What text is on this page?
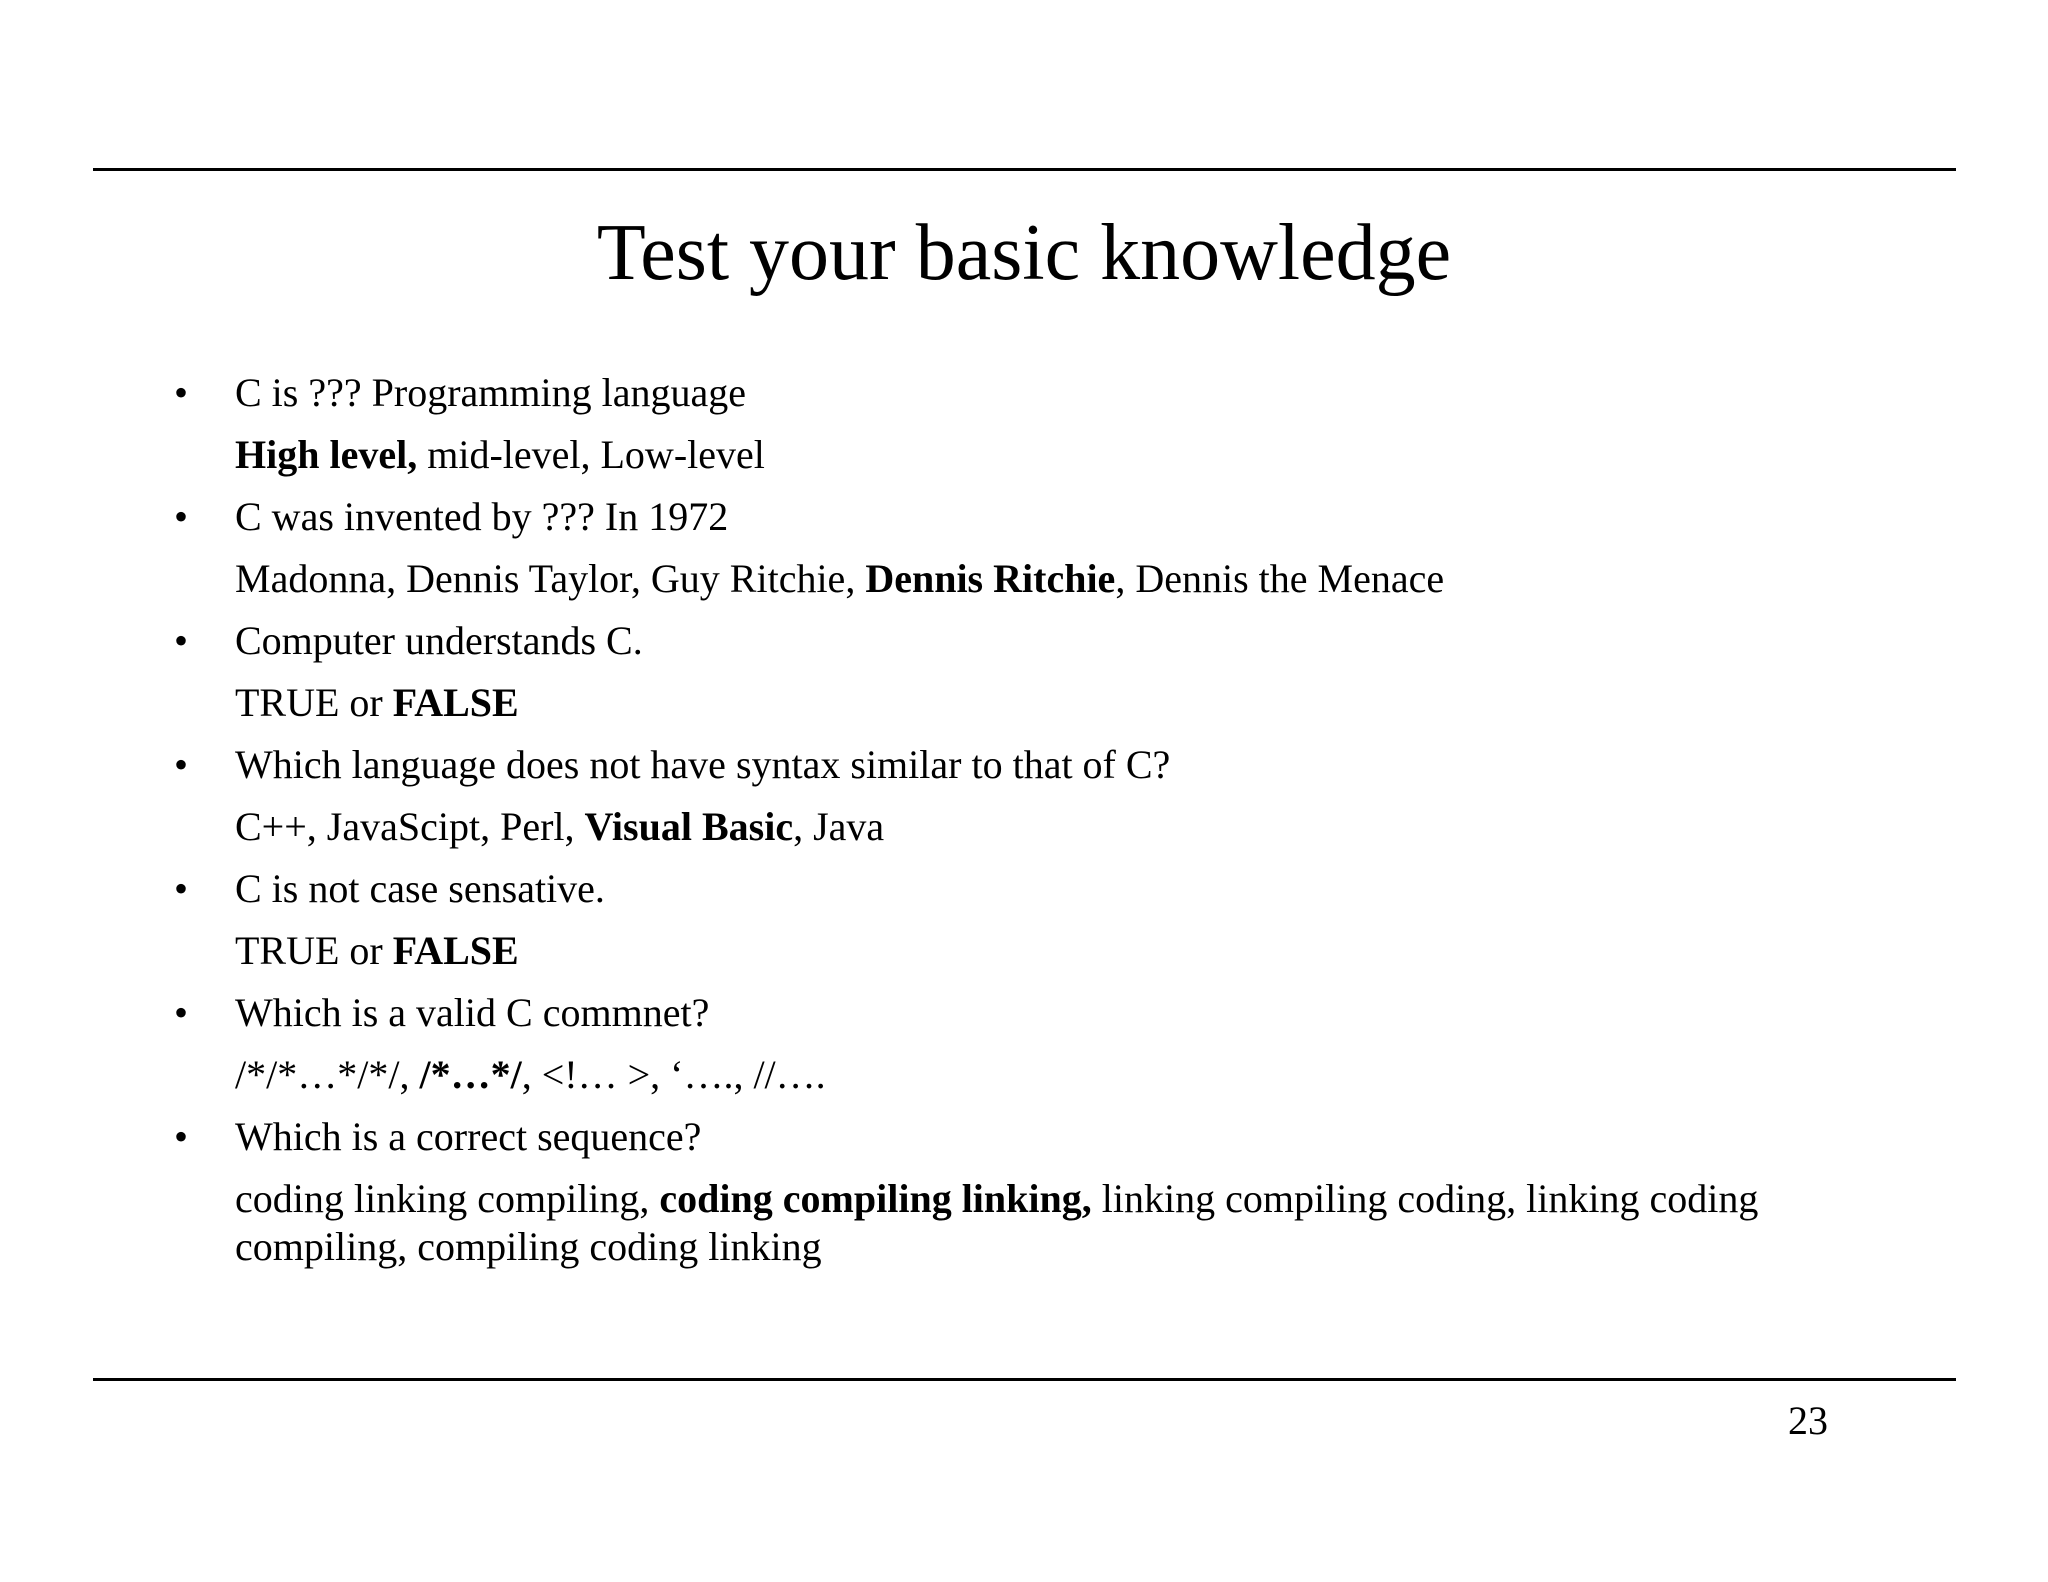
Test your basic knowledge
• C is ??? Programming language
High level, mid-level, Low-level
• C was invented by ??? In 1972
Madonna, Dennis Taylor, Guy Ritchie, Dennis Ritchie, Dennis the Menace
• Computer understands C.
TRUE or FALSE
• Which language does not have syntax similar to that of C?
C++, JavaScipt, Perl, Visual Basic, Java
• C is not case sensative.
TRUE or FALSE
• Which is a valid C commnet?
/*/*…*/*/, /*…*/, <!… >, ‘…., //….
• Which is a correct sequence?
coding linking compiling, coding compiling linking, linking compiling coding, linking coding compiling, compiling coding linking
23
